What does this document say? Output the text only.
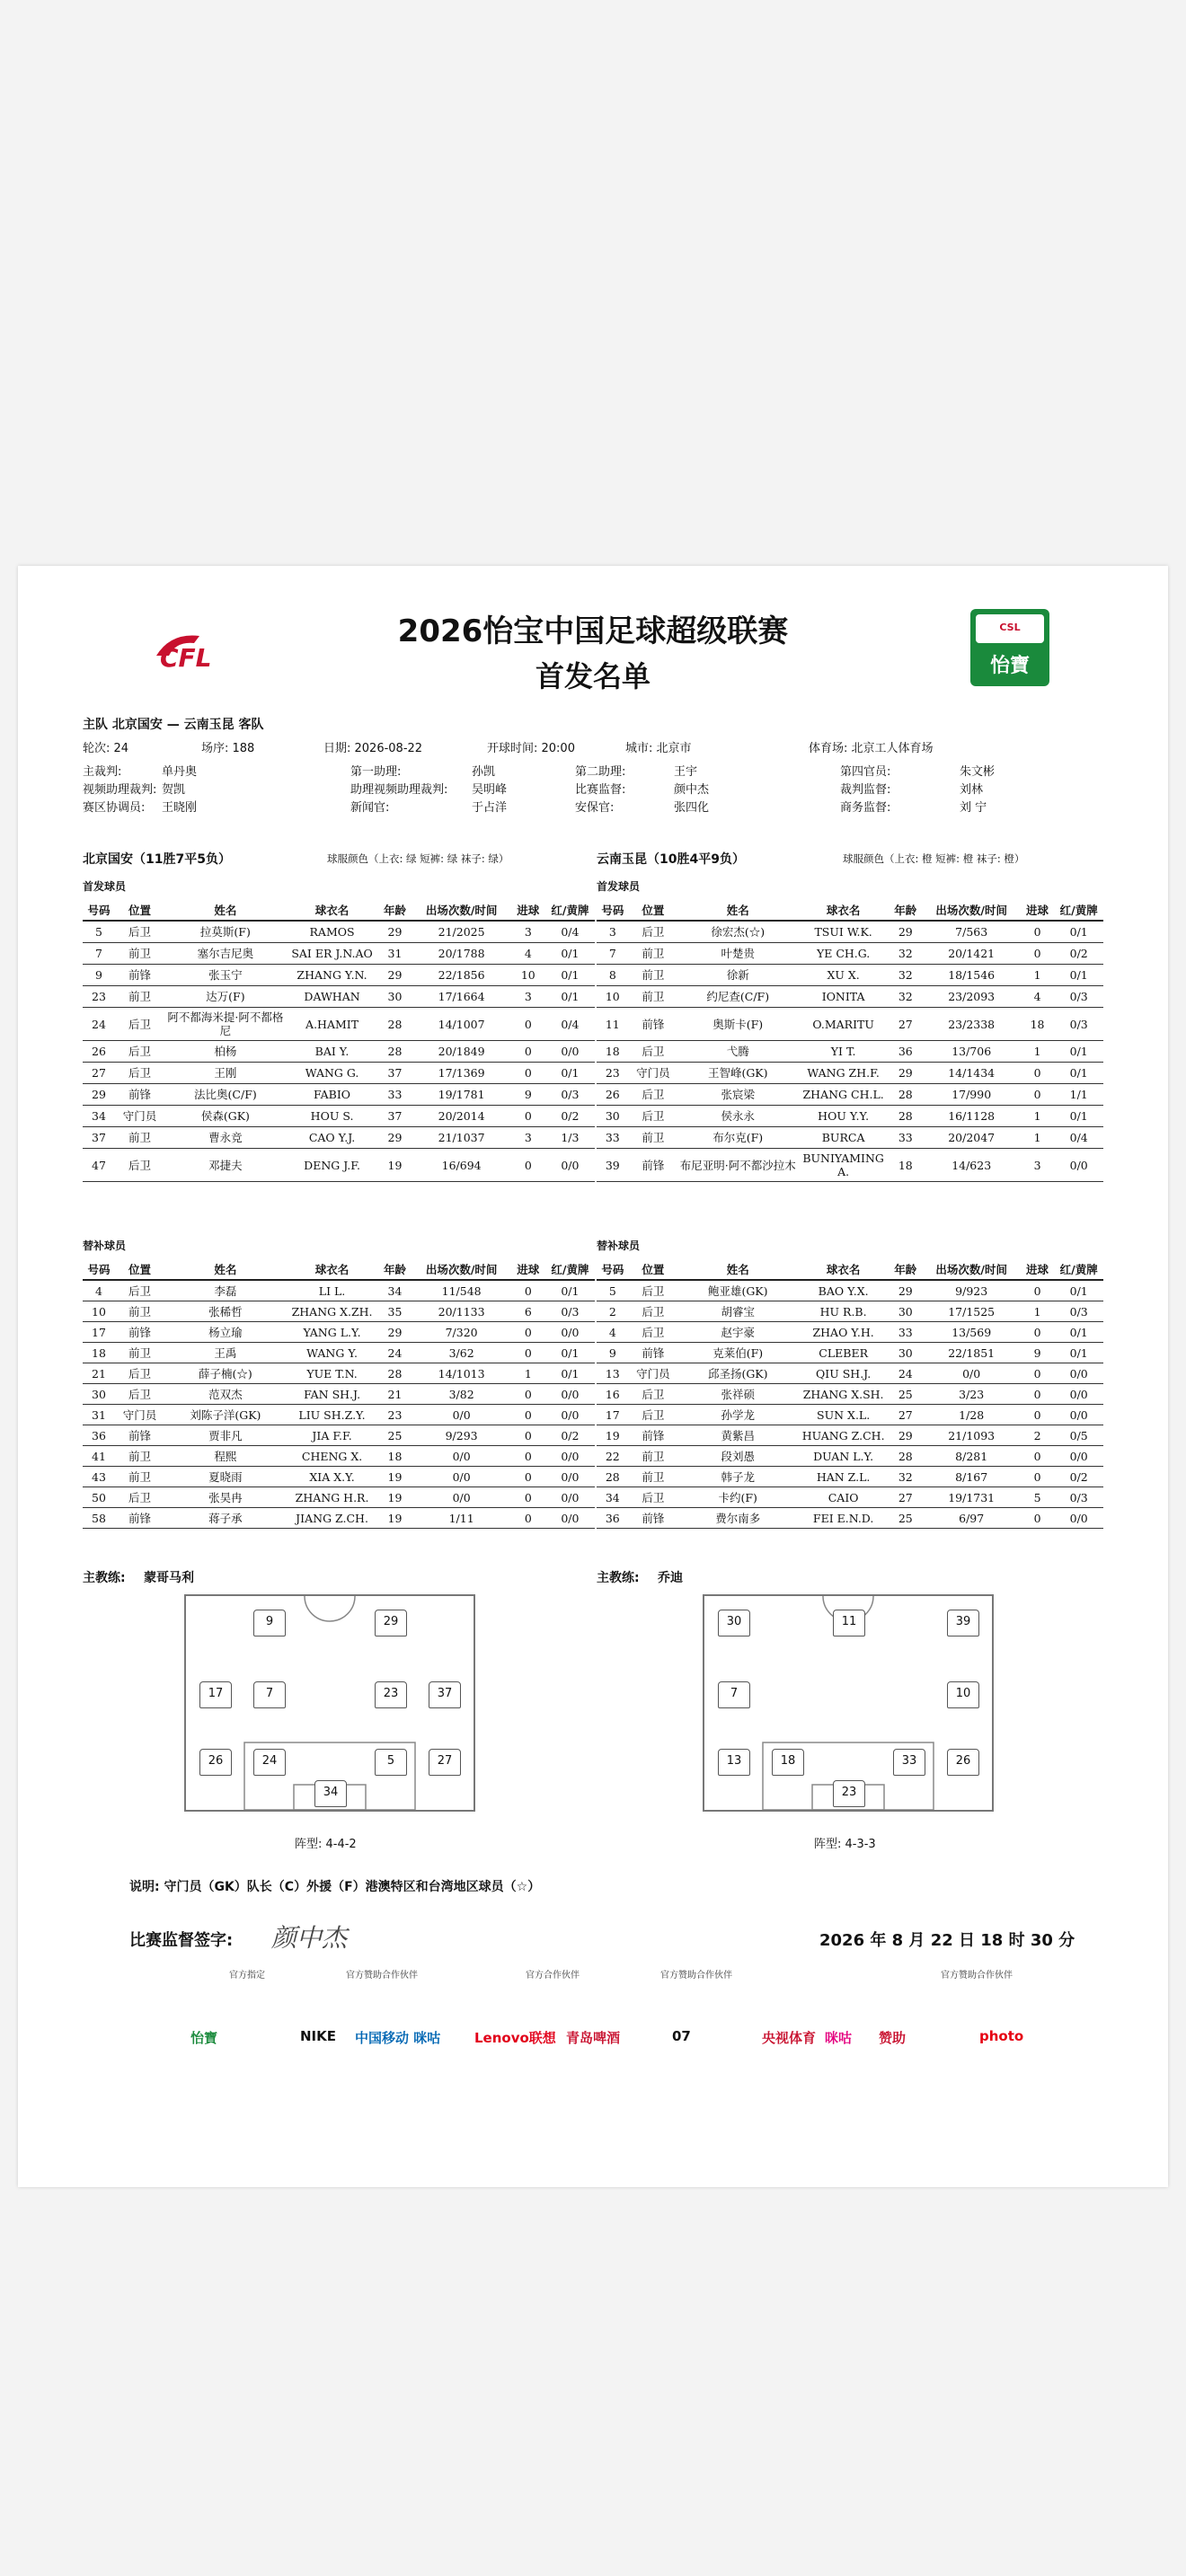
CFL
CSL
怡寶
2026怡宝中国足球超级联赛
首发名单
主队 北京国安 — 云南玉昆 客队
轮次: 24	场序: 188	日期: 2026-08-22	开球时间: 20:00	城市: 北京市	体育场: 北京工人体育场
主裁判:	单丹奥	第一助理:	孙凯	第二助理:	王宇	第四官员:	朱文彬
视频助理裁判: 贺凯	助理视频助理裁判: 吴明峰	比赛监督:	颜中杰	裁判监督:	刘林
赛区协调员: 王晓刚	新闻官:	于占洋	安保官:	张四化	商务监督:	刘 宁
北京国安（11胜7平5负）	球服颜色（上衣: 绿 短裤: 绿 袜子: 绿）	云南玉昆（10胜4平9负）	球服颜色（上衣: 橙 短裤: 橙 袜子: 橙）
首发球员	首发球员
号码	位置	姓名	球衣名	年龄	出场次数/时间	进球	红/黄牌
5	后卫	拉莫斯(F)	RAMOS	29	21/2025	3	0/4
7	前卫	塞尔吉尼奥	SAI ER J.N.AO	31	20/1788	4	0/1
9	前锋	张玉宁	ZHANG Y.N.	29	22/1856	10	0/1
23	前卫	达万(F)	DAWHAN	30	17/1664	3	0/1
24	后卫	阿不都海米提·阿不都格尼	A.HAMIT	28	14/1007	0	0/4
26	后卫	柏杨	BAI Y.	28	20/1849	0	0/0
27	后卫	王刚	WANG G.	37	17/1369	0	0/1
29	前锋	法比奥(C/F)	FABIO	33	19/1781	9	0/3
34	守门员	侯森(GK)	HOU S.	37	20/2014	0	0/2
37	前卫	曹永竞	CAO Y.J.	29	21/1037	3	1/3
47	后卫	邓捷夫	DENG J.F.	19	16/694	0	0/0
号码	位置	姓名	球衣名	年龄	出场次数/时间	进球	红/黄牌
3	后卫	徐宏杰(☆)	TSUI W.K.	29	7/563	0	0/1
7	前卫	叶楚贵	YE CH.G.	32	20/1421	0	0/2
8	前卫	徐新	XU X.	32	18/1546	1	0/1
10	前卫	约尼查(C/F)	IONITA	32	23/2093	4	0/3
11	前锋	奥斯卡(F)	O.MARITU	27	23/2338	18	0/3
18	后卫	弋腾	YI T.	36	13/706	1	0/1
23	守门员	王智峰(GK)	WANG ZH.F.	29	14/1434	0	0/1
26	后卫	张宸梁	ZHANG CH.L.	28	17/990	0	1/1
30	后卫	侯永永	HOU Y.Y.	28	16/1128	1	0/1
33	前卫	布尔克(F)	BURCA	33	20/2047	1	0/4
39	前锋	布尼亚明·阿不都沙拉木	BUNIYAMING A.	18	14/623	3	0/0
替补球员	替补球员
号码	位置	姓名	球衣名	年龄	出场次数/时间	进球	红/黄牌
4	后卫	李磊	LI L.	34	11/548	0	0/1
10	前卫	张稀哲	ZHANG X.ZH.	35	20/1133	6	0/3
17	前锋	杨立瑜	YANG L.Y.	29	7/320	0	0/0
18	前卫	王禹	WANG Y.	24	3/62	0	0/1
21	后卫	薛子楠(☆)	YUE T.N.	28	14/1013	1	0/1
30	后卫	范双杰	FAN SH.J.	21	3/82	0	0/0
31	守门员	刘陈子洋(GK)	LIU SH.Z.Y.	23	0/0	0	0/0
36	前锋	贾非凡	JIA F.F.	25	9/293	0	0/2
41	前卫	程熙	CHENG X.	18	0/0	0	0/0
43	前卫	夏晓雨	XIA X.Y.	19	0/0	0	0/0
50	后卫	张昊冉	ZHANG H.R.	19	0/0	0	0/0
58	前锋	蒋子承	JIANG Z.CH.	19	1/11	0	0/0
号码	位置	姓名	球衣名	年龄	出场次数/时间	进球	红/黄牌
5	后卫	鲍亚雄(GK)	BAO Y.X.	29	9/923	0	0/1
2	后卫	胡睿宝	HU R.B.	30	17/1525	1	0/3
4	后卫	赵宇豪	ZHAO Y.H.	33	13/569	0	0/1
9	前锋	克莱伯(F)	CLEBER	30	22/1851	9	0/1
13	守门员	邱圣扬(GK)	QIU SH.J.	24	0/0	0	0/0
16	后卫	张祥硕	ZHANG X.SH.	25	3/23	0	0/0
17	后卫	孙学龙	SUN X.L.	27	1/28	0	0/0
19	前锋	黄紫昌	HUANG Z.CH.	29	21/1093	2	0/5
22	前卫	段刘愚	DUAN L.Y.	28	8/281	0	0/0
28	前卫	韩子龙	HAN Z.L.	32	8/167	0	0/2
34	后卫	卡约(F)	CAIO	27	19/1731	5	0/3
36	前锋	费尔南多	FEI E.N.D.	25	6/97	0	0/0
主教练: 蒙哥马利	主教练: 乔迪
9	29
17	7	23	37
26	24	5	27
34
30	11	39
7	10
13	18	33	26
23
阵型: 4-4-2	阵型: 4-3-3
说明: 守门员（GK）队长（C）外援（F）港澳特区和台湾地区球员（☆）
比赛监督签字: 颜中杰	2026 年 8 月 22 日 18 时 30 分
官方指定	官方赞助合作伙伴	官方合作伙伴	官方赞助合作伙伴	官方赞助合作伙伴
怡寶	NIKE 中国移动 咪咕	Lenovo联想 青岛啤酒	07	央视体育 咪咕 赞助	photo
